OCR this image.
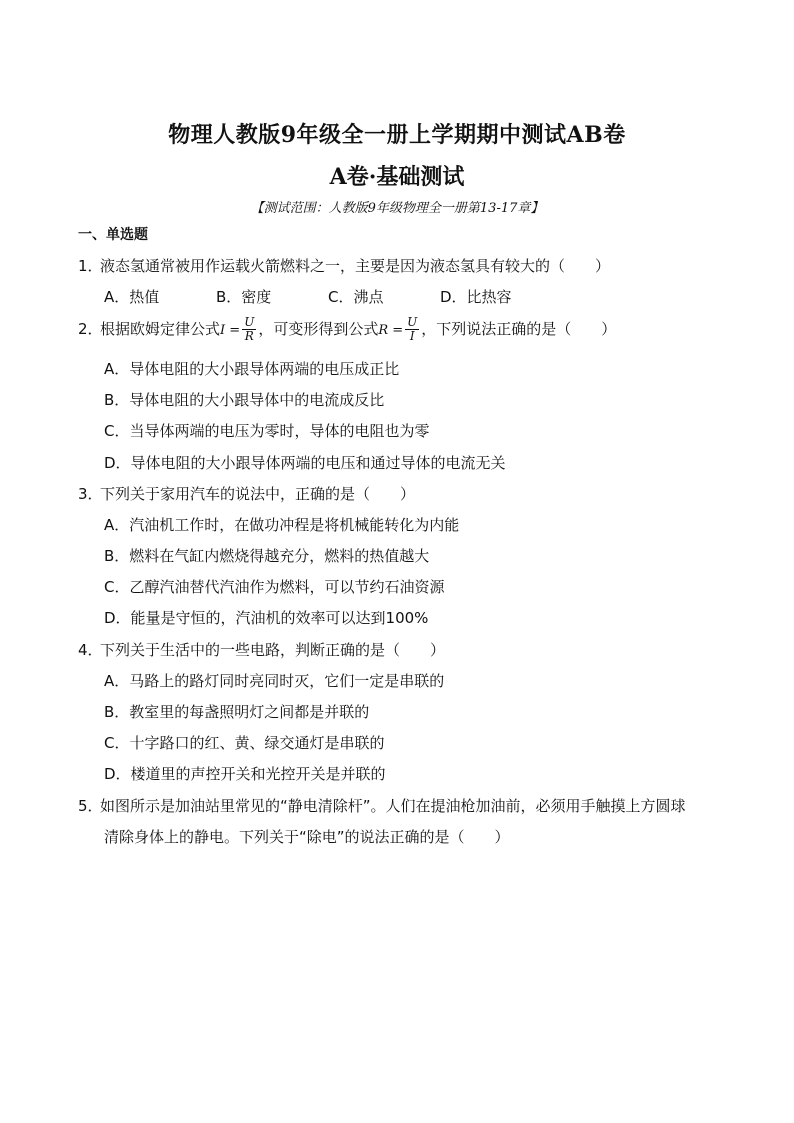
物理人教版9年级全一册上学期期中测试AB卷
A卷·基础测试
【测试范围：人教版9年级物理全一册第13-17章】
一、单选题
1．液态氢通常被用作运载火箭燃料之一，主要是因为液态氢具有较大的（　　）
A．热值	B．密度	C．沸点	D．比热容
2．根据欧姆定律公式$I = \frac{U}{R}$ ，可变形得到公式$R = \frac{U}{I}$ ，下列说法正确的是（　　）
A．导体电阻的大小跟导体两端的电压成正比
B．导体电阻的大小跟导体中的电流成反比
C．当导体两端的电压为零时，导体的电阻也为零
D．导体电阻的大小跟导体两端的电压和通过导体的电流无关
3．下列关于家用汽车的说法中，正确的是（　　）
A．汽油机工作时，在做功冲程是将机械能转化为内能
B．燃料在气缸内燃烧得越充分，燃料的热值越大
C．乙醇汽油替代汽油作为燃料，可以节约石油资源
D．能量是守恒的，汽油机的效率可以达到100%
4．下列关于生活中的一些电路，判断正确的是（　　）
A．马路上的路灯同时亮同时灭，它们一定是串联的
B．教室里的每盏照明灯之间都是并联的
C．十字路口的红、黄、绿交通灯是串联的
D．楼道里的声控开关和光控开关是并联的
5．如图所示是加油站里常见的“静电清除杆”。人们在提油枪加油前，必须用手触摸上方圆球
清除身体上的静电。下列关于“除电”的说法正确的是（　　）
